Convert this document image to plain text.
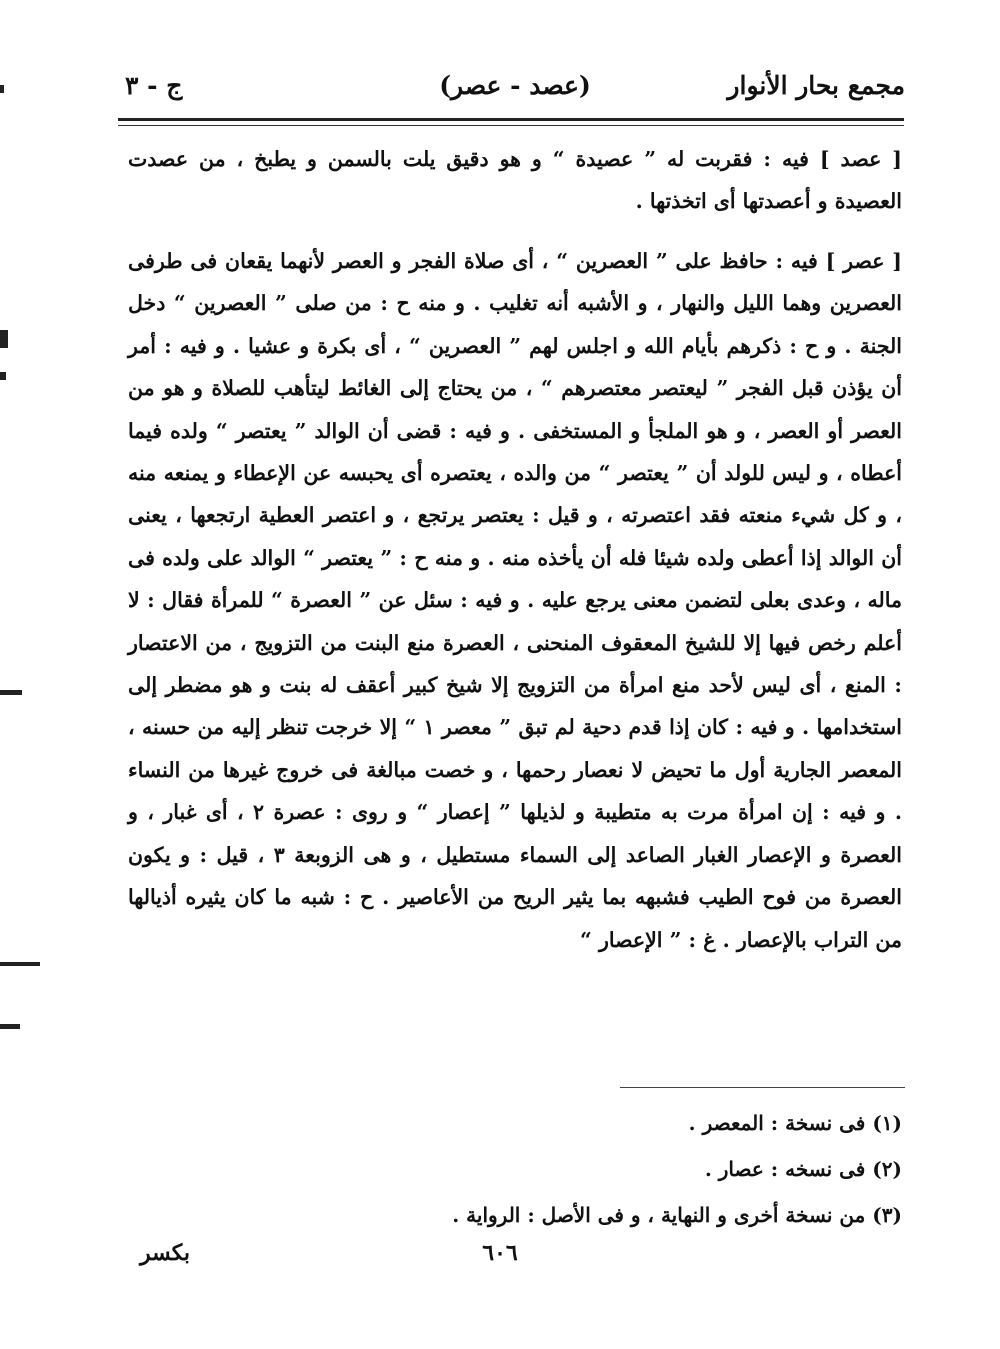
مجمع بحار الأنوار
(عصد - عصر)
ج - ٣

[ عصد ] فيه : فقربت له ” عصيدة “ و هو دقيق يلت بالسمن و يطبخ ، من عصدت العصيدة و أعصدتها أى اتخذتها .

[ عصر ] فيه : حافظ على ” العصرين “ ، أى صلاة الفجر و العصر لأنهما يقعان فى طرفى العصرين وهما الليل والنهار ، و الأشبه أنه تغليب . و منه ح : من صلى ” العصرين “ دخل الجنة . و ح : ذكرهم بأيام الله و اجلس لهم ” العصرين “ ، أى بكرة و عشيا . و فيه : أمر أن يؤذن قبل الفجر ” ليعتصر معتصرهم “ ، من يحتاج إلى الغائط ليتأهب للصلاة و هو من العصر أو العصر ، و هو الملجأ و المستخفى . و فيه : قضى أن الوالد ” يعتصر “ ولده فيما أعطاه ، و ليس للولد أن ” يعتصر “ من والده ، يعتصره أى يحبسه عن الإعطاء و يمنعه منه ، و كل شيء منعته فقد اعتصرته ، و قيل : يعتصر يرتجع ، و اعتصر العطية ارتجعها ، يعنى أن الوالد إذا أعطى ولده شيئا فله أن يأخذه منه . و منه ح : ” يعتصر “ الوالد على ولده فى ماله ، وعدى بعلى لتضمن معنى يرجع عليه . و فيه : سئل عن ” العصرة “ للمرأة فقال : لا أعلم رخص فيها إلا للشيخ المعقوف المنحنى ، العصرة منع البنت من التزويج ، من الاعتصار : المنع ، أى ليس لأحد منع امرأة من التزويج إلا شيخ كبير أعقف له بنت و هو مضطر إلى استخدامها . و فيه : كان إذا قدم دحية لم تبق ” معصر ١ “ إلا خرجت تنظر إليه من حسنه ، المعصر الجارية أول ما تحيض لا نعصار رحمها ، و خصت مبالغة فى خروج غيرها من النساء . و فيه : إن امرأة مرت به متطيبة و لذيلها ” إعصار “ و روى : عصرة ٢ ، أى غبار ، و العصرة و الإعصار الغبار الصاعد إلى السماء مستطيل ، و هى الزوبعة ٣ ، قيل : و يكون العصرة من فوح الطيب فشبهه بما يثير الريح من الأعاصير . ح : شبه ما كان يثيره أذيالها من التراب بالإعصار . غ : ” الإعصار “

(١) فى نسخة : المعصر .

(٢) فى نسخه : عصار .

(٣) من نسخة أخرى و النهاية ، و فى الأصل : الرواية .

٦٠٦
بكسر
